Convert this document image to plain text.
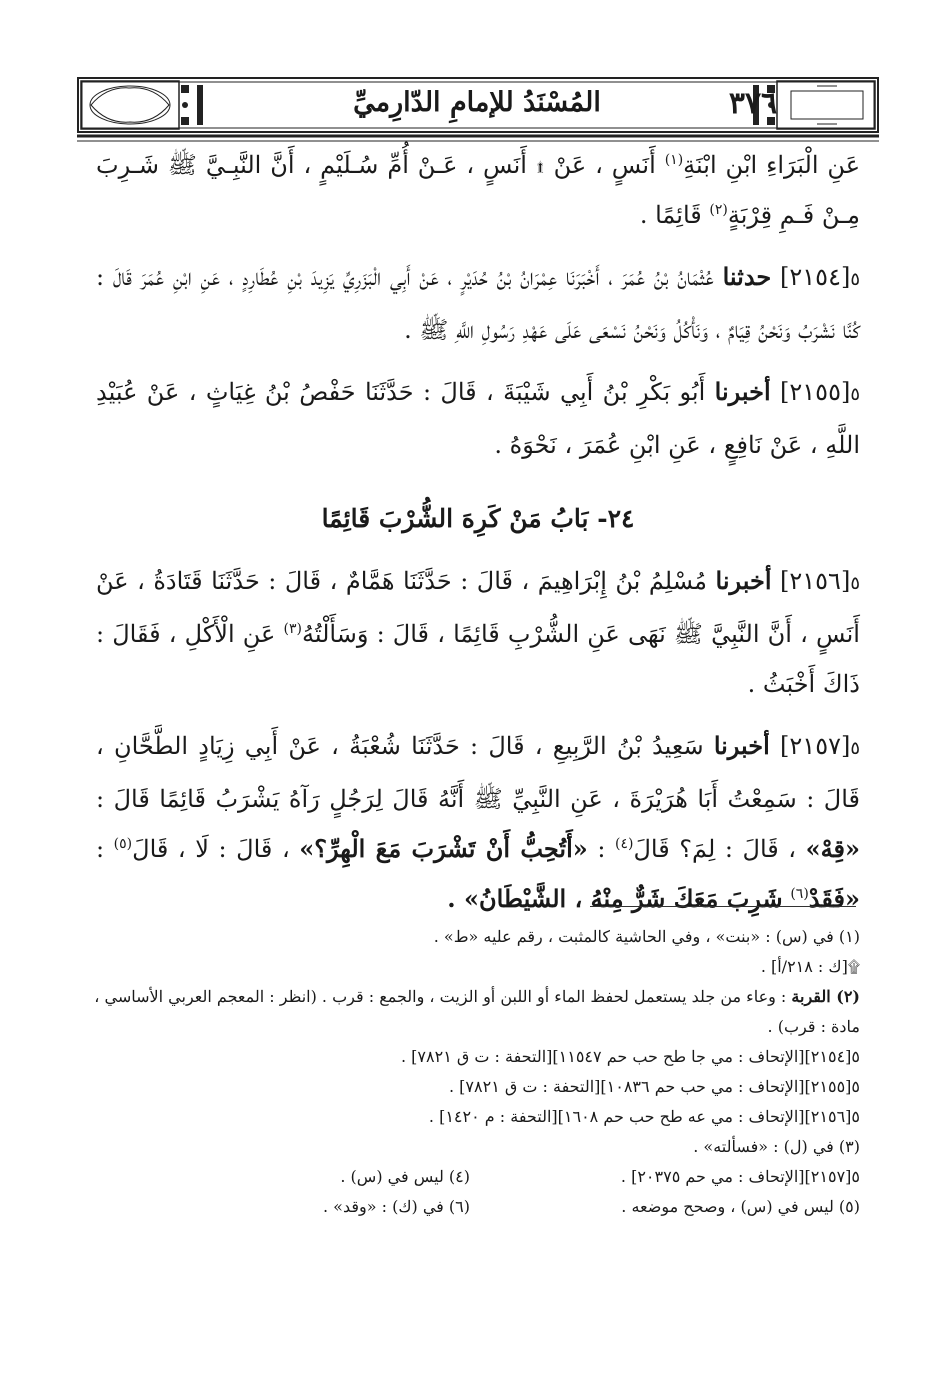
المُسْنَدُ للإمامِ الدّارِميِّ	٣٧٦

عَنِ الْبَرَاءِ ابْنِ ابْنَةِ$^{(١)}$ أَنَسٍ ، عَنْ ۩ أَنَسٍ ، عَـنْ أُمِّ سُـلَيْمٍ ، أَنَّ النَّبِـيَّ ﷺ شَـرِبَ مِـنْ فَـمِ قِرْبَةٍ$^{(٢)}$ قَائِمًا .

٥[٢١٥٤] حدثنا عُثْمَانُ بْنُ عُمَرَ ، أَخْبَرَنَا عِمْرَانُ بْنُ حُدَيْرٍ ، عَنْ أَبِي الْبَزَرِيِّ يَزِيدَ بْنِ عُطَارِدٍ ، عَنِ ابْنِ عُمَرَ قَالَ : كُنَّا نَشْرَبُ وَنَحْنُ قِيَامٌ ، وَنَأْكُلُ وَنَحْنُ نَسْعَى عَلَى عَهْدِ رَسُولِ اللَّهِ ﷺ .

٥[٢١٥٥] أخبرنا أَبُو بَكْرِ بْنُ أَبِي شَيْبَةَ ، قَالَ : حَدَّثَنَا حَفْصُ بْنُ غِيَاثٍ ، عَنْ عُبَيْدِ اللَّهِ ، عَنْ نَافِعٍ ، عَنِ ابْنِ عُمَرَ ، نَحْوَهُ .

٢٤- بَابُ مَنْ كَرِهَ الشُّرْبَ قَائِمًا

٥[٢١٥٦] أخبرنا مُسْلِمُ بْنُ إِبْرَاهِيمَ ، قَالَ : حَدَّثَنَا هَمَّامٌ ، قَالَ : حَدَّثَنَا قَتَادَةُ ، عَنْ أَنَسٍ ، أَنَّ النَّبِيَّ ﷺ نَهَى عَنِ الشُّرْبِ قَائِمًا ، قَالَ : وَسَأَلْتُهُ$^{(٣)}$ عَنِ الْأَكْلِ ، فَقَالَ : ذَاكَ أَخْبَثُ .

٥[٢١٥٧] أخبرنا سَعِيدُ بْنُ الرَّبِيعِ ، قَالَ : حَدَّثَنَا شُعْبَةُ ، عَنْ أَبِي زِيَادٍ الطَّحَّانِ ، قَالَ : سَمِعْتُ أَبَا هُرَيْرَةَ ، عَنِ النَّبِيِّ ﷺ أَنَّهُ قَالَ لِرَجُلٍ رَآهُ يَشْرَبُ قَائِمًا قَالَ : «قِهْ» ، قَالَ : لِمَ؟ قَالَ$^{(٤)}$ : «أَتُحِبُّ أَنْ تَشْرَبَ مَعَ الْهِرِّ؟» ، قَالَ : لَا ، قَالَ$^{(٥)}$ : «فَقَدْ$^{(٦)}$ شَرِبَ مَعَكَ شَرٌّ مِنْهُ ، الشَّيْطَانُ» .

(١) في (س) : «بنت» ، وفي الحاشية كالمثبت ، رقم عليه «ط» .

۩[ك : ٢١٨/أ] .

(٢) القربة : وعاء من جلد يستعمل لحفظ الماء أو اللبن أو الزيت ، والجمع : قرب . (انظر : المعجم العربي الأساسي ، مادة : قرب) .

٥[٢١٥٤][الإتحاف : مي جا طح حب حم ١١٥٤٧][التحفة : ت ق ٧٨٢١] .

٥[٢١٥٥][الإتحاف : مي حب حم ١٠٨٣٦][التحفة : ت ق ٧٨٢١] .

٥[٢١٥٦][الإتحاف : مي عه طح حب حم ١٦٠٨][التحفة : م ١٤٢٠] .

(٣) في (ل) : «فسألته» .

٥[٢١٥٧][الإتحاف : مي حم ٢٠٣٧٥] .
(٤) ليس في (س) .
(٥) ليس في (س) ، وصحح موضعه .
(٦) في (ك) : «وقد» .
